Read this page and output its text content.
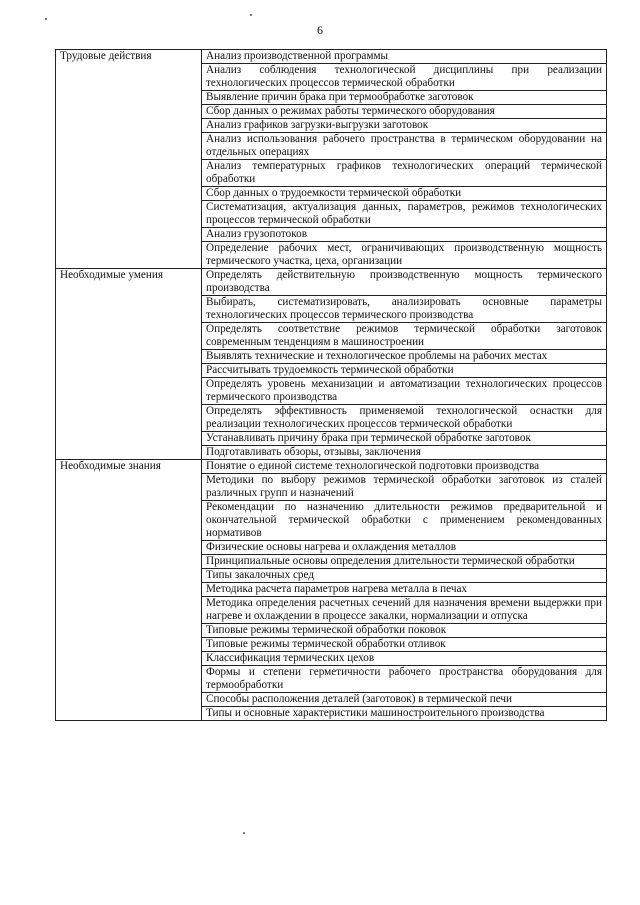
6
Трудовые действия	Анализ производственной программы
	Анализ соблюдения технологической дисциплины при реализации технологических процессов термической обработки
	Выявление причин брака при термообработке заготовок
	Сбор данных о режимах работы термического оборудования
	Анализ графиков загрузки-выгрузки заготовок
	Анализ использования рабочего пространства в термическом оборудовании на отдельных операциях
	Анализ температурных графиков технологических операций термической обработки
	Сбор данных о трудоемкости термической обработки
	Систематизация, актуализация данных, параметров, режимов технологических процессов термической обработки
	Анализ грузопотоков
	Определение рабочих мест, ограничивающих производственную мощность термического участка, цеха, организации
Необходимые умения	Определять действительную производственную мощность термического производства
	Выбирать, систематизировать, анализировать основные параметры технологических процессов термического производства
	Определять соответствие режимов термической обработки заготовок современным тенденциям в машиностроении
	Выявлять технические и технологическое проблемы на рабочих местах
	Рассчитывать трудоемкость термической обработки
	Определять уровень механизации и автоматизации технологических процессов термического производства
	Определять эффективность применяемой технологической оснастки для реализации технологических процессов термической обработки
	Устанавливать причину брака при термической обработке заготовок
	Подготавливать обзоры, отзывы, заключения
Необходимые знания	Понятие о единой системе технологической подготовки производства
	Методики по выбору режимов термической обработки заготовок из сталей различных групп и назначений
	Рекомендации по назначению длительности режимов предварительной и окончательной термической обработки с применением рекомендованных нормативов
	Физические основы нагрева и охлаждения металлов
	Принципиальные основы определения длительности термической обработки
	Типы закалочных сред
	Методика расчета параметров нагрева металла в печах
	Методика определения расчетных сечений для назначения времени выдержки при нагреве и охлаждении в процессе закалки, нормализации и отпуска
	Типовые режимы термической обработки поковок
	Типовые режимы термической обработки отливок
	Классификация термических цехов
	Формы и степени герметичности рабочего пространства оборудования для термообработки
	Способы расположения деталей (заготовок) в термической печи
	Типы и основные характеристики машиностроительного производства
